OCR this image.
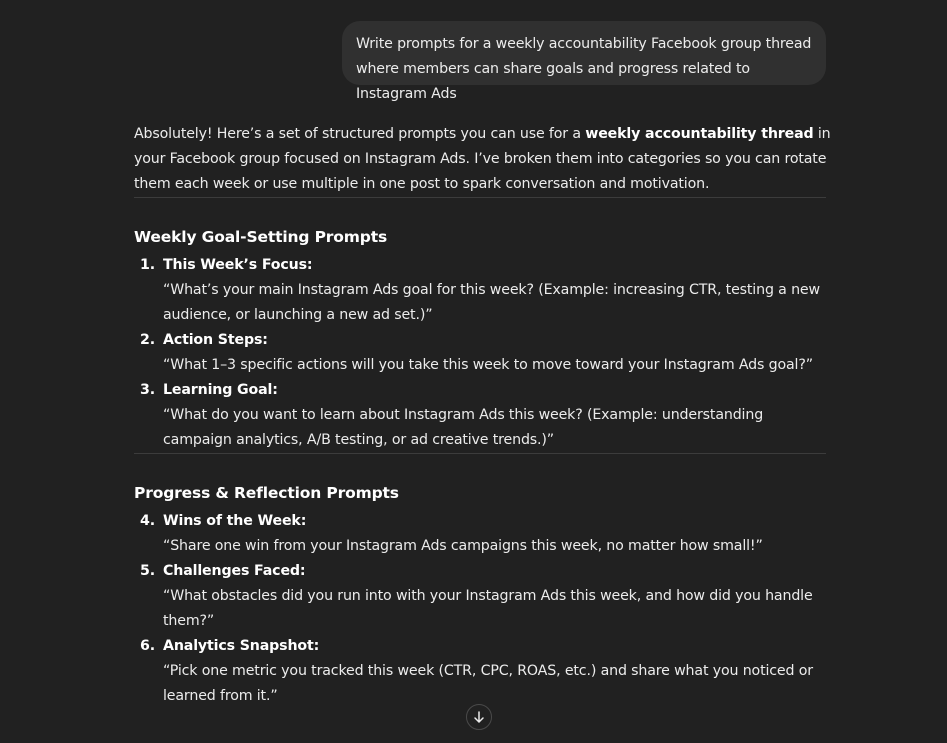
Write prompts for a weekly accountability Facebook group thread
where members can share goals and progress related to Instagram Ads

Absolutely! Here’s a set of structured prompts you can use for a weekly accountability thread in your Facebook group focused on Instagram Ads. I’ve broken them into categories so you can rotate them each week or use multiple in one post to spark conversation and motivation.

Weekly Goal-Setting Prompts
1. This Week’s Focus:
“What’s your main Instagram Ads goal for this week? (Example: increasing CTR, testing a new audience, or launching a new ad set.)”
2. Action Steps:
“What 1–3 specific actions will you take this week to move toward your Instagram Ads goal?”
3. Learning Goal:
“What do you want to learn about Instagram Ads this week? (Example: understanding campaign analytics, A/B testing, or ad creative trends.)”
Progress & Reflection Prompts
4. Wins of the Week:
“Share one win from your Instagram Ads campaigns this week, no matter how small!”
5. Challenges Faced:
“What obstacles did you run into with your Instagram Ads this week, and how did you handle them?”
6. Analytics Snapshot:
“Pick one metric you tracked this week (CTR, CPC, ROAS, etc.) and share what you noticed or learned from it.”
